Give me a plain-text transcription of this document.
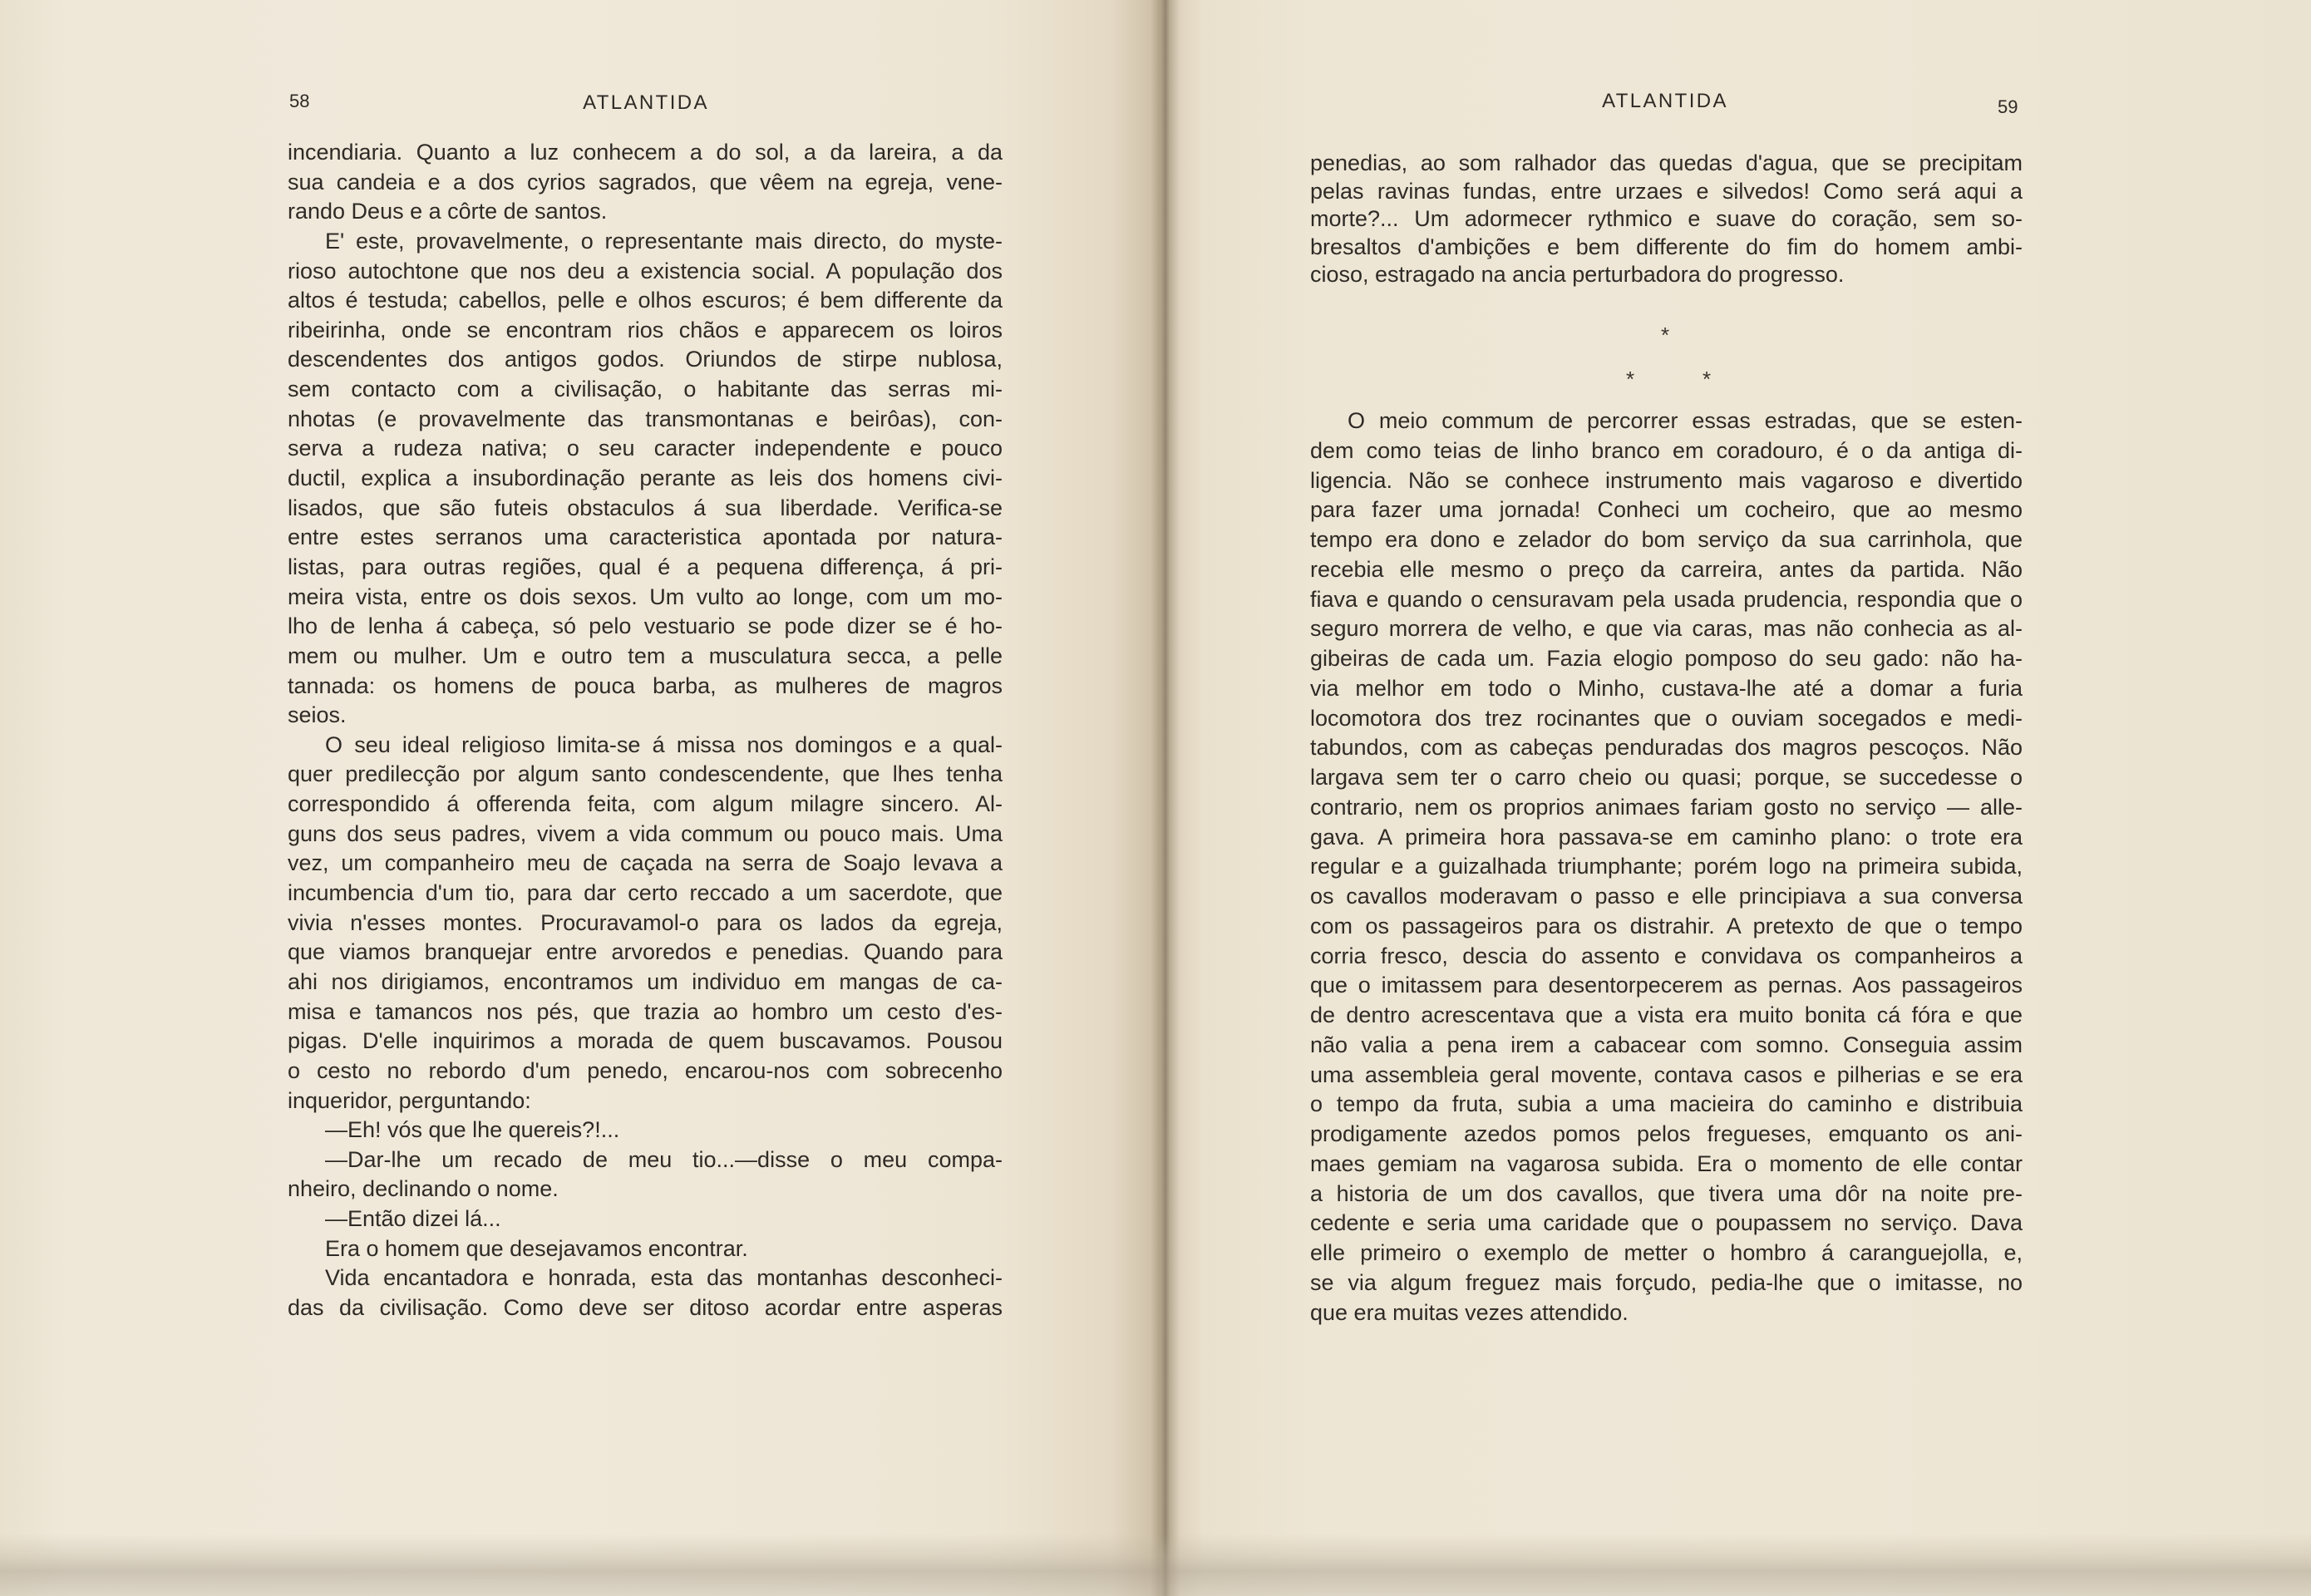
58	ATLANTIDA	ATLANTIDA	59
incendiaria. Quanto a luz conhecem a do sol, a da lareira, a da
sua candeia e a dos cyrios sagrados, que vêem na egreja, vene-
rando Deus e a côrte de santos.
E' este, provavelmente, o representante mais directo, do myste-
rioso autochtone que nos deu a existencia social. A população dos
altos é testuda; cabellos, pelle e olhos escuros; é bem differente da
ribeirinha, onde se encontram rios chãos e apparecem os loiros
descendentes dos antigos godos. Oriundos de stirpe nublosa,
sem contacto com a civilisação, o habitante das serras mi-
nhotas (e provavelmente das transmontanas e beirôas), con-
serva a rudeza nativa; o seu caracter independente e pouco
ductil, explica a insubordinação perante as leis dos homens civi-
lisados, que são futeis obstaculos á sua liberdade. Verifica-se
entre estes serranos uma caracteristica apontada por natura-
listas, para outras regiões, qual é a pequena differença, á pri-
meira vista, entre os dois sexos. Um vulto ao longe, com um mo-
lho de lenha á cabeça, só pelo vestuario se pode dizer se é ho-
mem ou mulher. Um e outro tem a musculatura secca, a pelle
tannada: os homens de pouca barba, as mulheres de magros
seios.
O seu ideal religioso limita-se á missa nos domingos e a qual-
quer predilecção por algum santo condescendente, que lhes tenha
correspondido á offerenda feita, com algum milagre sincero. Al-
guns dos seus padres, vivem a vida commum ou pouco mais. Uma
vez, um companheiro meu de caçada na serra de Soajo levava a
incumbencia d'um tio, para dar certo reccado a um sacerdote, que
vivia n'esses montes. Procuravamol-o para os lados da egreja,
que viamos branquejar entre arvoredos e penedias. Quando para
ahi nos dirigiamos, encontramos um individuo em mangas de ca-
misa e tamancos nos pés, que trazia ao hombro um cesto d'es-
pigas. D'elle inquirimos a morada de quem buscavamos. Pousou
o cesto no rebordo d'um penedo, encarou-nos com sobrecenho
inqueridor, perguntando:
—Eh! vós que lhe quereis?!...
—Dar-lhe um recado de meu tio...—disse o meu compa-
nheiro, declinando o nome.
—Então dizei lá...
Era o homem que desejavamos encontrar.
Vida encantadora e honrada, esta das montanhas desconheci-
das da civilisação. Como deve ser ditoso acordar entre asperas
penedias, ao som ralhador das quedas d'agua, que se precipitam
pelas ravinas fundas, entre urzaes e silvedos! Como será aqui a
morte?... Um adormecer rythmico e suave do coração, sem so-
bresaltos d'ambições e bem differente do fim do homem ambi-
cioso, estragado na ancia perturbadora do progresso.
*
*	*
O meio commum de percorrer essas estradas, que se esten-
dem como teias de linho branco em coradouro, é o da antiga di-
ligencia. Não se conhece instrumento mais vagaroso e divertido
para fazer uma jornada! Conheci um cocheiro, que ao mesmo
tempo era dono e zelador do bom serviço da sua carrinhola, que
recebia elle mesmo o preço da carreira, antes da partida. Não
fiava e quando o censuravam pela usada prudencia, respondia que o
seguro morrera de velho, e que via caras, mas não conhecia as al-
gibeiras de cada um. Fazia elogio pomposo do seu gado: não ha-
via melhor em todo o Minho, custava-lhe até a domar a furia
locomotora dos trez rocinantes que o ouviam socegados e medi-
tabundos, com as cabeças penduradas dos magros pescoços. Não
largava sem ter o carro cheio ou quasi; porque, se succedesse o
contrario, nem os proprios animaes fariam gosto no serviço — alle-
gava. A primeira hora passava-se em caminho plano: o trote era
regular e a guizalhada triumphante; porém logo na primeira subida,
os cavallos moderavam o passo e elle principiava a sua conversa
com os passageiros para os distrahir. A pretexto de que o tempo
corria fresco, descia do assento e convidava os companheiros a
que o imitassem para desentorpecerem as pernas. Aos passageiros
de dentro acrescentava que a vista era muito bonita cá fóra e que
não valia a pena irem a cabacear com somno. Conseguia assim
uma assembleia geral movente, contava casos e pilherias e se era
o tempo da fruta, subia a uma macieira do caminho e distribuia
prodigamente azedos pomos pelos fregueses, emquanto os ani-
maes gemiam na vagarosa subida. Era o momento de elle contar
a historia de um dos cavallos, que tivera uma dôr na noite pre-
cedente e seria uma caridade que o poupassem no serviço. Dava
elle primeiro o exemplo de metter o hombro á caranguejolla, e,
se via algum freguez mais forçudo, pedia-lhe que o imitasse, no
que era muitas vezes attendido.
